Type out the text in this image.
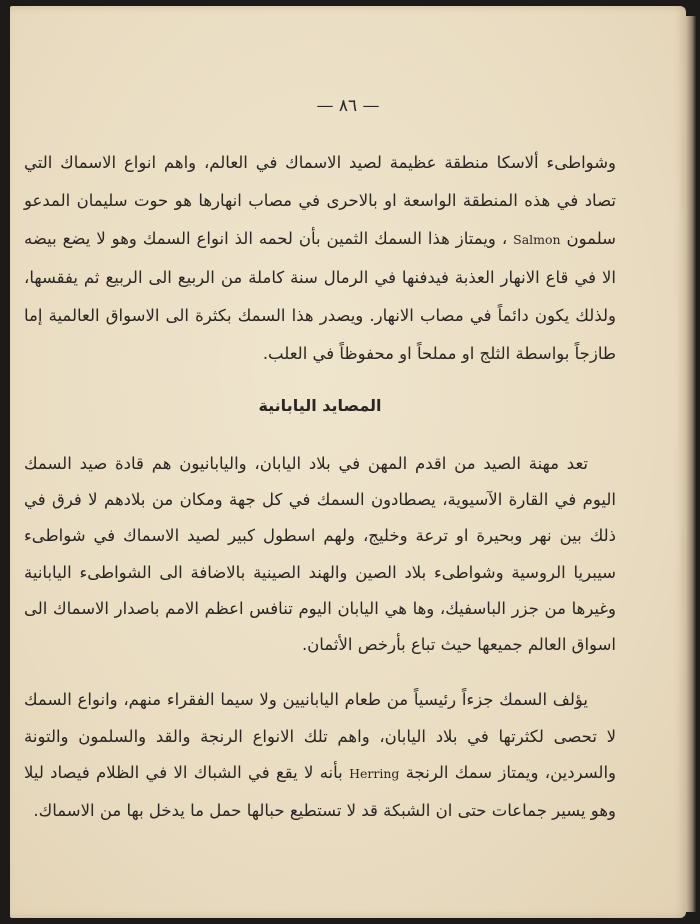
— ٨٦ —
وشواطىء ألاسكا منطقة عظيمة لصيد الاسماك في العالم، واهم انواع الاسماك التي تصاد في هذه المنطقة الواسعة او بالاحرى في مصاب انهارها هو حوت سليمان المدعو سلمون Salmon ، ويمتاز هذا السمك الثمين بأن لحمه الذ انواع السمك وهو لا يضع بيضه الا في قاع الانهار العذبة فيدفنها في الرمال سنة كاملة من الربيع الى الربيع ثم يفقسها، ولذلك يكون دائماً في مصاب الانهار. ويصدر هذا السمك بكثرة الى الاسواق العالمية إما طازجاً بواسطة الثلج او مملحاً او محفوظاً في العلب.
المصايد اليابانية
تعد مهنة الصيد من اقدم المهن في بلاد اليابان، واليابانيون هم قادة صيد السمك اليوم في القارة الآسيوية، يصطادون السمك في كل جهة ومكان من بلادهم لا فرق في ذلك بين نهر وبحيرة او ترعة وخليج، ولهم اسطول كبير لصيد الاسماك في شواطىء سيبريا الروسية وشواطىء بلاد الصين والهند الصينية بالاضافة الى الشواطىء اليابانية وغيرها من جزر الباسفيك، وها هي اليابان اليوم تنافس اعظم الامم باصدار الاسماك الى اسواق العالم جميعها حيث تباع بأرخص الأثمان.
يؤلف السمك جزءاً رئيسياً من طعام اليابانيين ولا سيما الفقراء منهم، وانواع السمك لا تحصى لكثرتها في بلاد اليابان، واهم تلك الانواع الرنجة والقد والسلمون والتونة والسردين، ويمتاز سمك الرنجة Herring بأنه لا يقع في الشباك الا في الظلام فيصاد ليلا وهو يسير جماعات حتى ان الشبكة قد لا تستطيع حبالها حمل ما يدخل بها من الاسماك.
